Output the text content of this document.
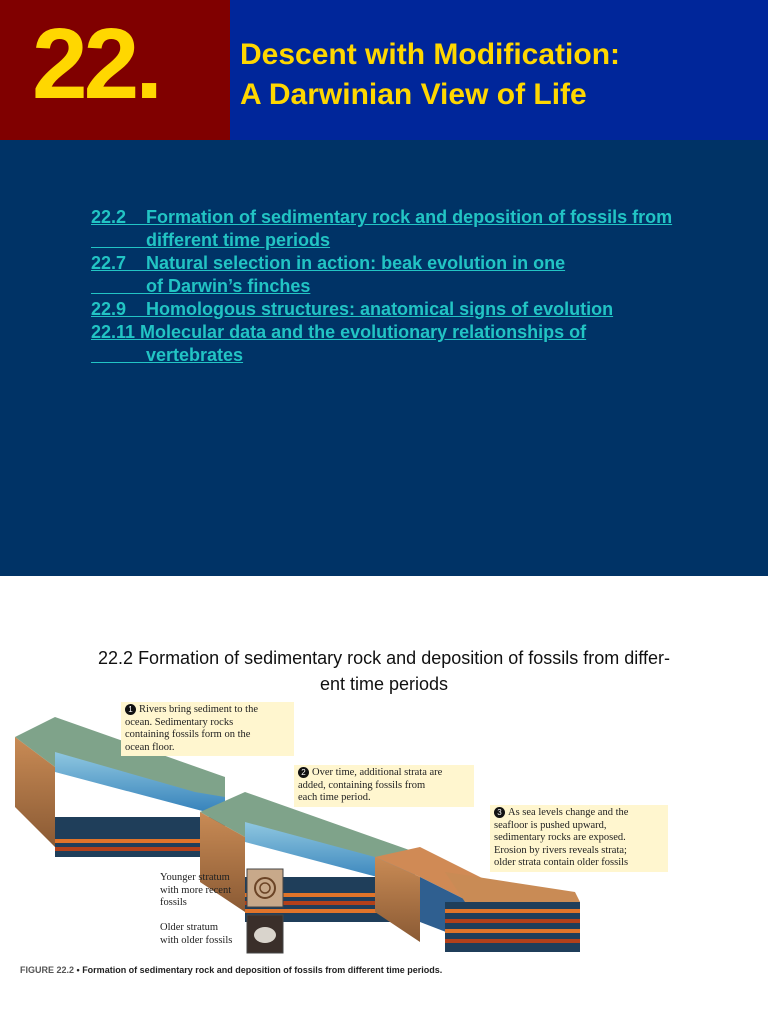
22.	Descent with Modification:
A Darwinian View of Life
22.2    Formation of sedimentary rock and deposition of fossils from
different time periods
22.7    Natural selection in action: beak evolution in one
of Darwin’s finches
22.9    Homologous structures: anatomical signs of evolution
22.11 Molecular data and the evolutionary relationships of
vertebrates
22.2 Formation of sedimentary rock and deposition of fossils from differ-
ent time periods
1 Rivers bring sediment to the
ocean. Sedimentary rocks
containing fossils form on the
ocean floor.
2 Over time, additional strata are
added, containing fossils from
each time period.
3 As sea levels change and the
seafloor is pushed upward,
sedimentary rocks are exposed.
Erosion by rivers reveals strata;
older strata contain older fossils
Younger stratum
with more recent
fossils
Older stratum
with older fossils
FIGURE 22.2 • Formation of sedimentary rock and deposition of fossils from different time periods.
